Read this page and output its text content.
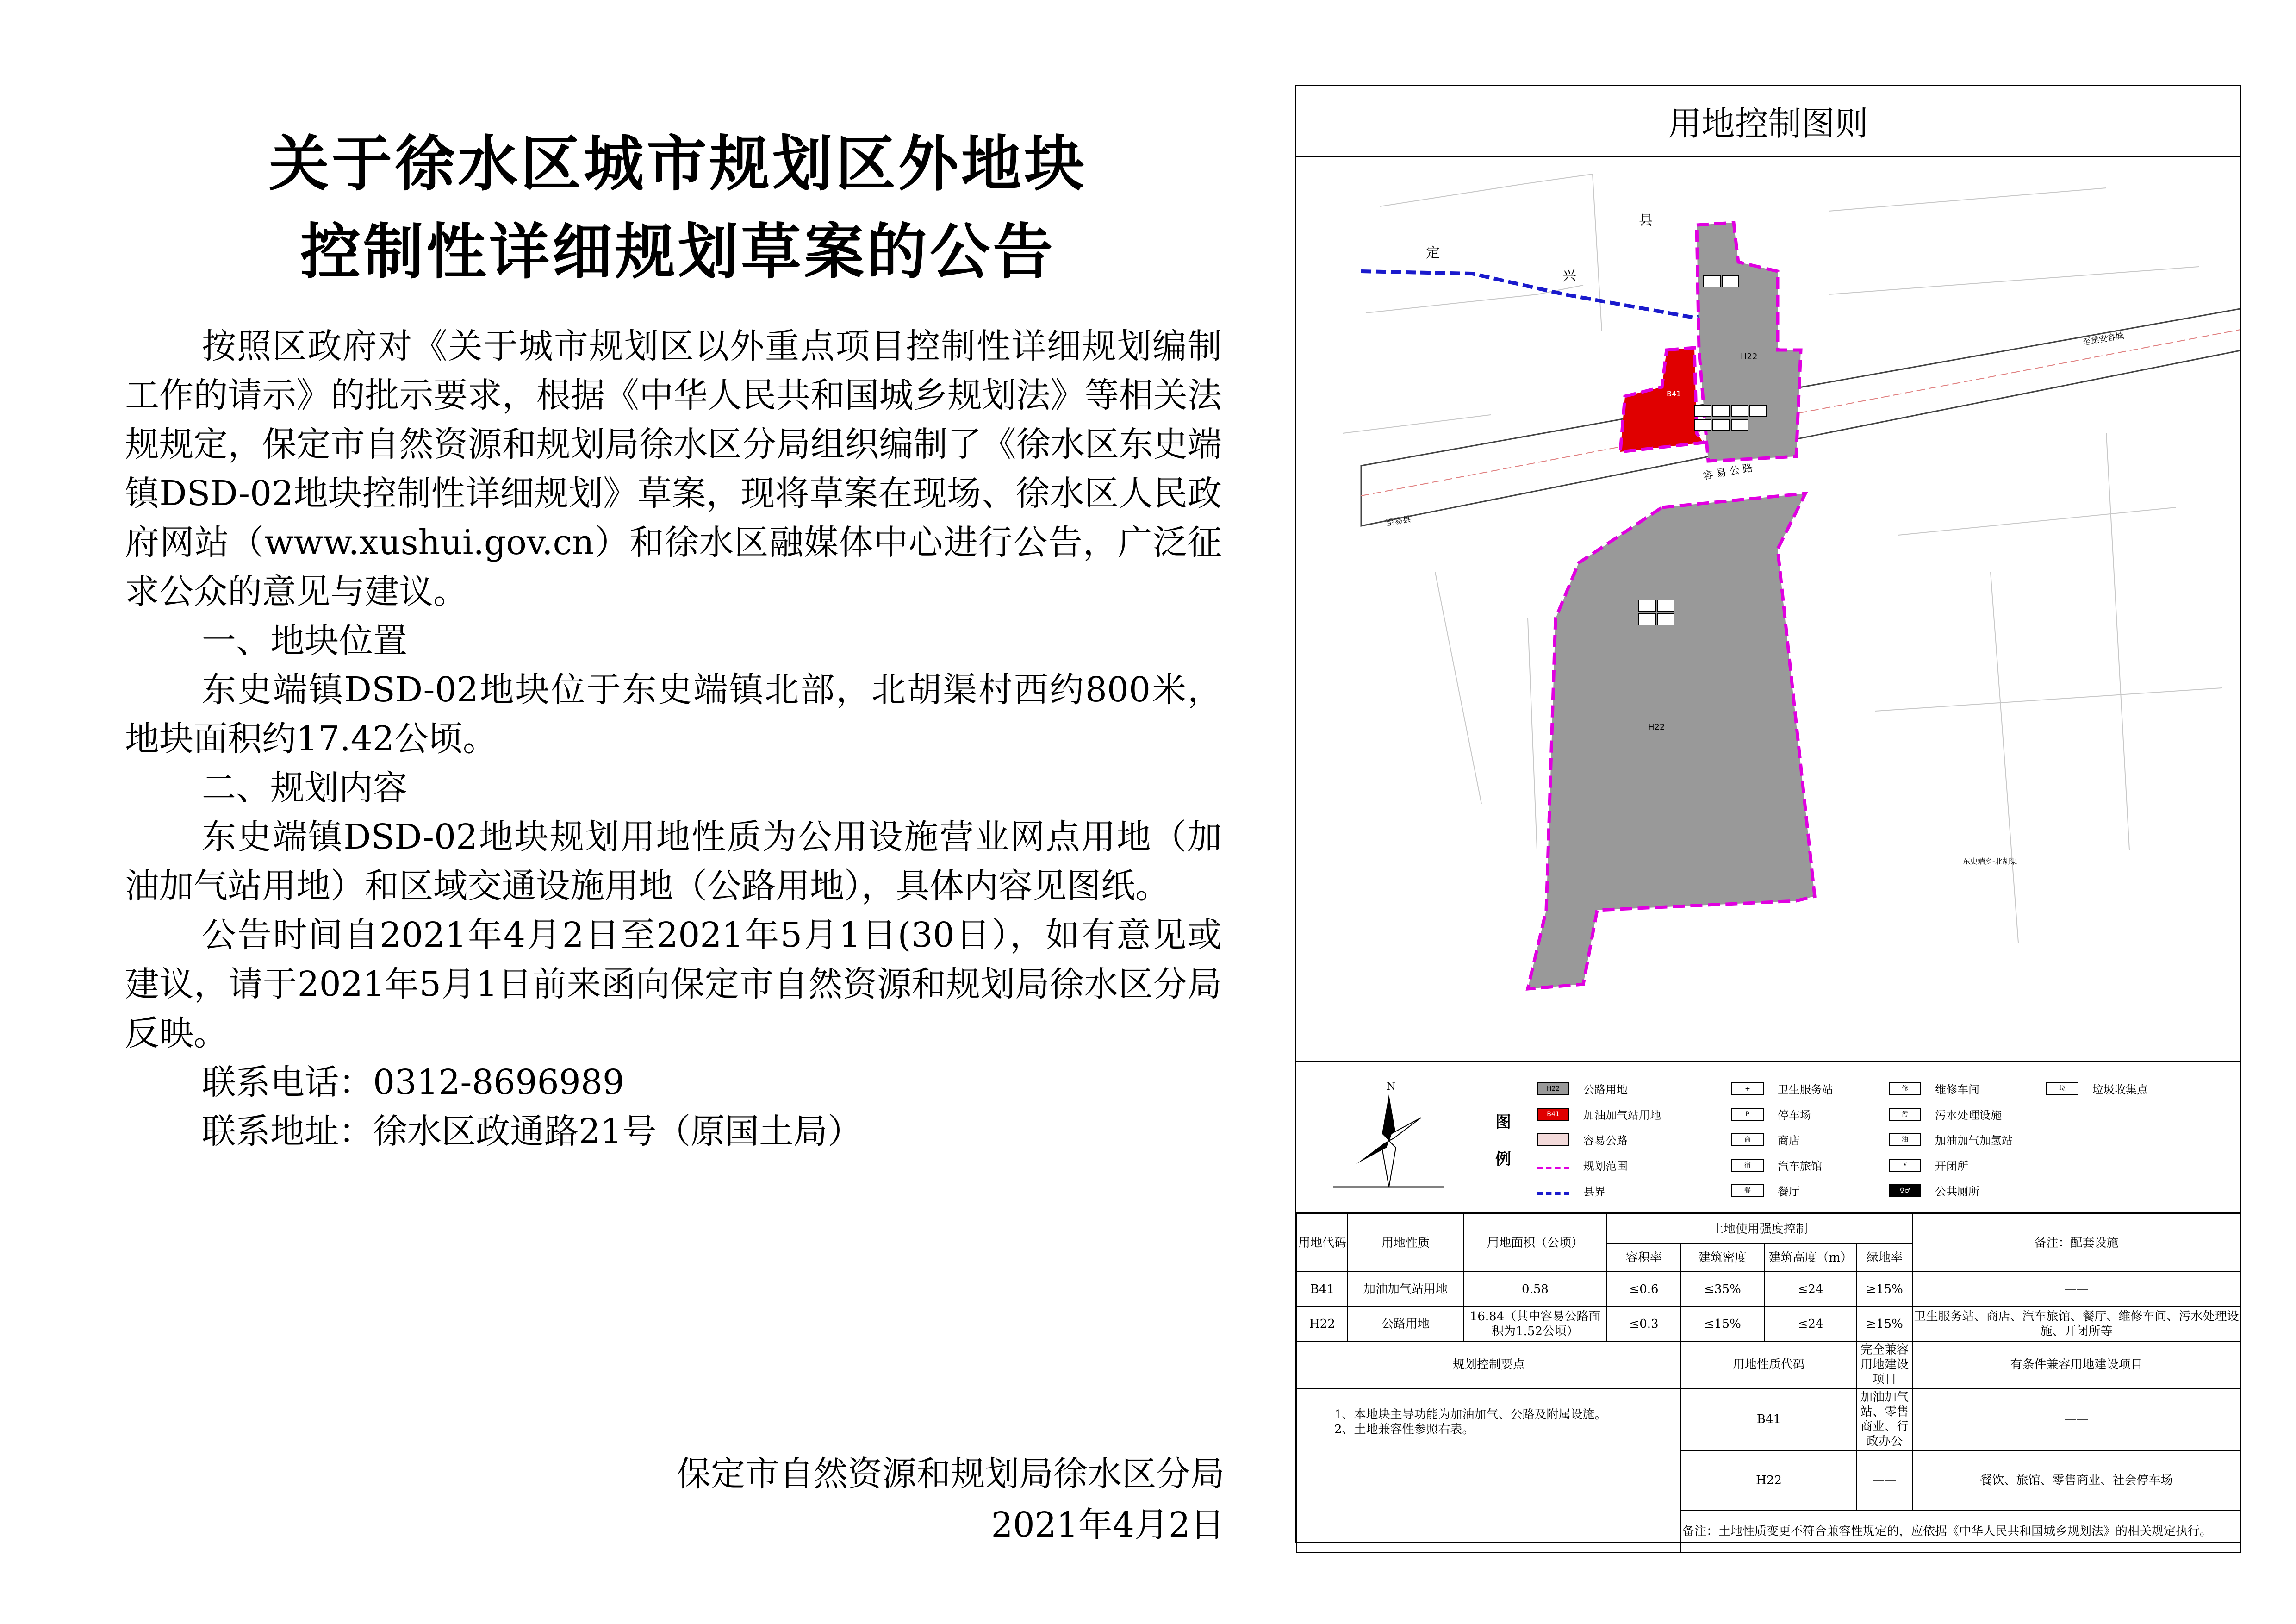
关于徐水区城市规划区外地块
控制性详细规划草案的公告
按照区政府对《关于城市规划区以外重点项目控制性详细规划编制工作的请示》的批示要求，根据《中华人民共和国城乡规划法》等相关法规规定，保定市自然资源和规划局徐水区分局组织编制了《徐水区东史端镇DSD-02地块控制性详细规划》草案，现将草案在现场、徐水区人民政府网站（www.xushui.gov.cn）和徐水区融媒体中心进行公告，广泛征求公众的意见与建议。
一、地块位置
东史端镇DSD-02地块位于东史端镇北部，北胡渠村西约800米，地块面积约17.42公顷。
二、规划内容
东史端镇DSD-02地块规划用地性质为公用设施营业网点用地（加油加气站用地）和区域交通设施用地（公路用地），具体内容见图纸。
公告时间自2021年4月2日至2021年5月1日(30日），如有意见或建议，请于2021年5月1日前来函向保定市自然资源和规划局徐水区分局反映。
联系电话：0312-8696989
联系地址：徐水区政通路21号（原国土局）
保定市自然资源和规划局徐水区分局
2021年4月2日
用地控制图则
定
兴
县
至雄安容城
至易县
容 易 公 路
H22
H22
B41
东史端乡-北胡渠
N
图例
H22	公路用地
B41	加油加气站用地
容易公路
规划范围
县界
+	卫生服务站
P	停车场
商	商店
宿	汽车旅馆
餐	餐厅
修	维修车间
污	污水处理设施
油	加油加气加氢站
⚡	开闭所
♀♂	公共厕所
垃	垃圾收集点
用地代码	用地性质	用地面积（公顷）	土地使用强度控制				备注：配套设施
			容积率	建筑密度	建筑高度（m）	绿地率	
B41	加油加气站用地	0.58	≤0.6	≤35%	≤24	≥15%	——
H22	公路用地	16.84（其中容易公路面积为1.52公顷）	≤0.3	≤15%	≤24	≥15%	卫生服务站、商店、汽车旅馆、餐厅、维修车间、污水处理设施、开闭所等
规划控制要点				用地性质代码		完全兼容用地建设项目	有条件兼容用地建设项目

1、本地块主导功能为加油加气、公路及附属设施。
2、土地兼容性参照右表。				B41		加油加气站、零售商业、行政办公	——
				H22		——	餐饮、旅馆、零售商业、社会停车场
				备注：土地性质变更不符合兼容性规定的，应依据《中华人民共和国城乡规划法》的相关规定执行。			
